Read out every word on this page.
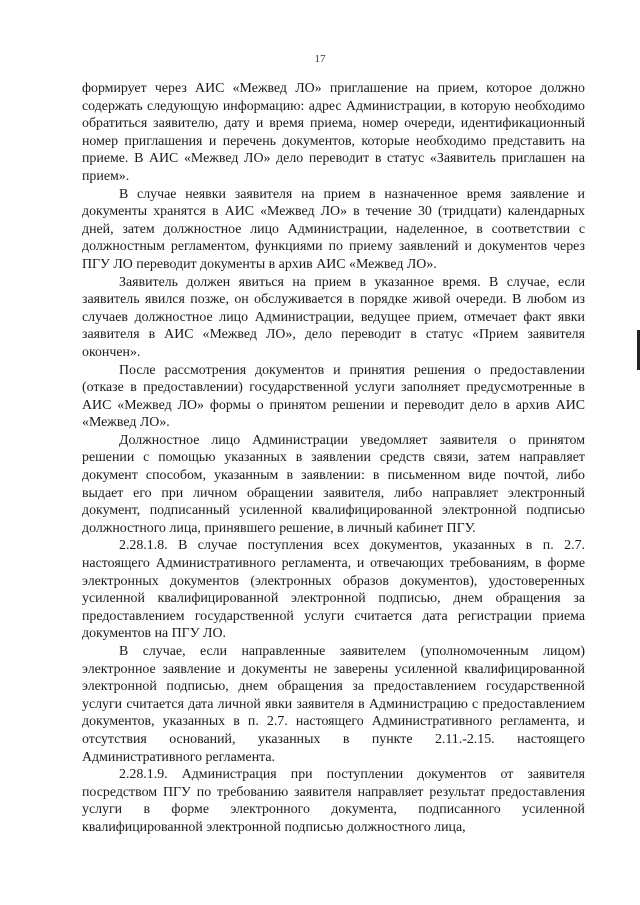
17

формирует через АИС «Межвед ЛО» приглашение на прием, которое должно содержать следующую информацию: адрес Администрации, в которую необходимо обратиться заявителю, дату и время приема, номер очереди, идентификационный номер приглашения и перечень документов, которые необходимо представить на приеме. В АИС «Межвед ЛО» дело переводит в статус «Заявитель приглашен на прием».

В случае неявки заявителя на прием в назначенное время заявление и документы хранятся в АИС «Межвед ЛО» в течение 30 (тридцати) календарных дней, затем должностное лицо Администрации, наделенное, в соответствии с должностным регламентом, функциями по приему заявлений и документов через ПГУ ЛО переводит документы в архив АИС «Межвед ЛО».

Заявитель должен явиться на прием в указанное время. В случае, если заявитель явился позже, он обслуживается в порядке живой очереди. В любом из случаев должностное лицо Администрации, ведущее прием, отмечает факт явки заявителя в АИС «Межвед ЛО», дело переводит в статус «Прием заявителя окончен».

После рассмотрения документов и принятия решения о предоставлении (отказе в предоставлении) государственной услуги заполняет предусмотренные в АИС «Межвед ЛО» формы о принятом решении и переводит дело в архив АИС «Межвед ЛО».

Должностное лицо Администрации уведомляет заявителя о принятом решении с помощью указанных в заявлении средств связи, затем направляет документ способом, указанным в заявлении: в письменном виде почтой, либо выдает его при личном обращении заявителя, либо направляет электронный документ, подписанный усиленной квалифицированной электронной подписью должностного лица, принявшего решение, в личный кабинет ПГУ.

2.28.1.8. В случае поступления всех документов, указанных в п. 2.7. настоящего Административного регламента, и отвечающих требованиям, в форме электронных документов (электронных образов документов), удостоверенных усиленной квалифицированной электронной подписью, днем обращения за предоставлением государственной услуги считается дата регистрации приема документов на ПГУ ЛО.

В случае, если направленные заявителем (уполномоченным лицом) электронное заявление и документы не заверены усиленной квалифицированной электронной подписью, днем обращения за предоставлением государственной услуги считается дата личной явки заявителя в Администрацию с предоставлением документов, указанных в п. 2.7. настоящего Административного регламента, и отсутствия оснований, указанных в пункте 2.11.-2.15. настоящего Административного регламента.

2.28.1.9. Администрация при поступлении документов от заявителя посредством ПГУ по требованию заявителя направляет результат предоставления услуги в форме электронного документа, подписанного усиленной квалифицированной электронной подписью должностного лица,
